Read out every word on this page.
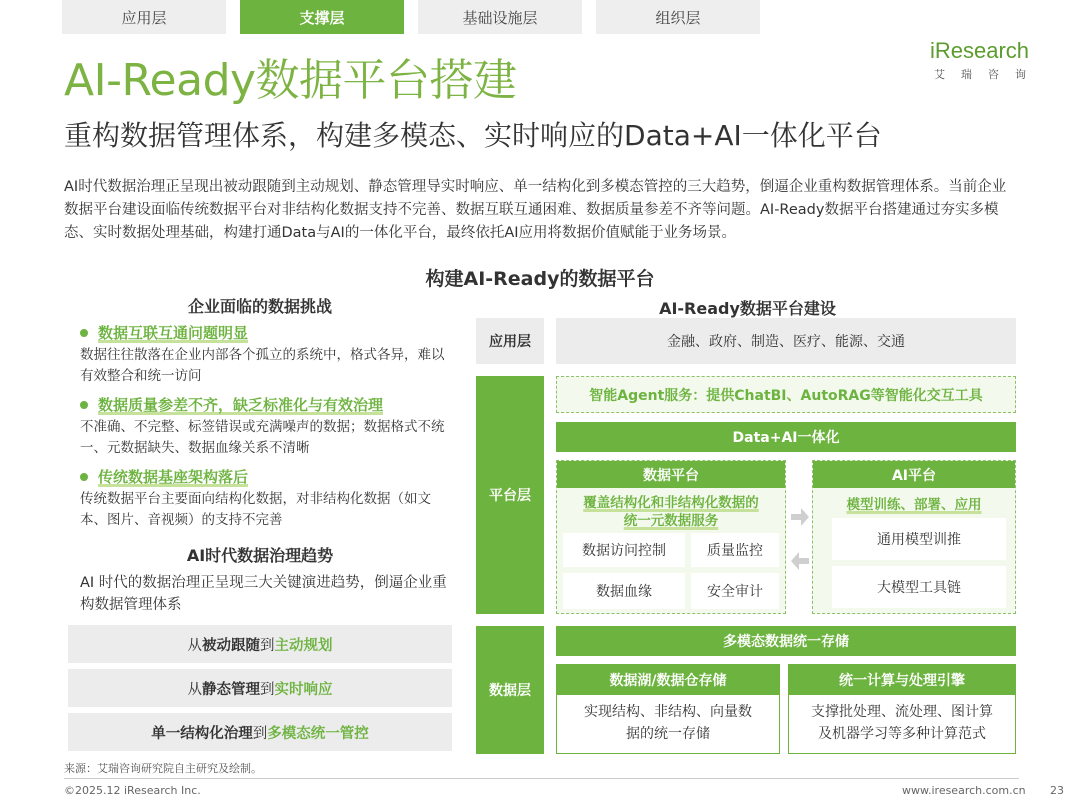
应用层	支撑层	基础设施层	组织层
iResearch
艾瑞咨询
AI-Ready数据平台搭建
重构数据管理体系，构建多模态、实时响应的Data+AI一体化平台
AI时代数据治理正呈现出被动跟随到主动规划、静态管理导实时响应、单一结构化到多模态管控的三大趋势，倒逼企业重构数据管理体系。当前企业数据平台建设面临传统数据平台对非结构化数据支持不完善、数据互联互通困难、数据质量参差不齐等问题。AI-Ready数据平台搭建通过夯实多模态、实时数据处理基础，构建打通Data与AI的一体化平台，最终依托AI应用将数据价值赋能于业务场景。
构建AI-Ready的数据平台
企业面临的数据挑战
数据互联互通问题明显
数据往往散落在企业内部各个孤立的系统中，格式各异，难以有效整合和统一访问
数据质量参差不齐，缺乏标准化与有效治理
不准确、不完整、标签错误或充满噪声的数据；数据格式不统一、元数据缺失、数据血缘关系不清晰
传统数据基座架构落后
传统数据平台主要面向结构化数据，对非结构化数据（如文本、图片、音视频）的支持不完善
AI时代数据治理趋势
AI 时代的数据治理正呈现三大关键演进趋势，倒逼企业重构数据管理体系
从 被动跟随 到 主动规划
从 静态管理 到 实时响应
单一结构化治理 到 多模态统一管控
AI-Ready数据平台建设
应用层	金融、政府、制造、医疗、能源、交通
平台层
智能Agent服务：提供ChatBI、AutoRAG等智能化交互工具
Data+AI一体化
数据平台
覆盖结构化和非结构化数据的
统一元数据服务
数据访问控制	质量监控
数据血缘	安全审计
AI平台
模型训练、部署、应用
通用模型训推
大模型工具链
数据层
多模态数据统一存储
数据湖/数据仓存储
实现结构、非结构、向量数
据的统一存储
统一计算与处理引擎
支撑批处理、流处理、图计算
及机器学习等多种计算范式
来源：艾瑞咨询研究院自主研究及绘制。
©2025.12 iResearch Inc.	www.iresearch.com.cn 23
